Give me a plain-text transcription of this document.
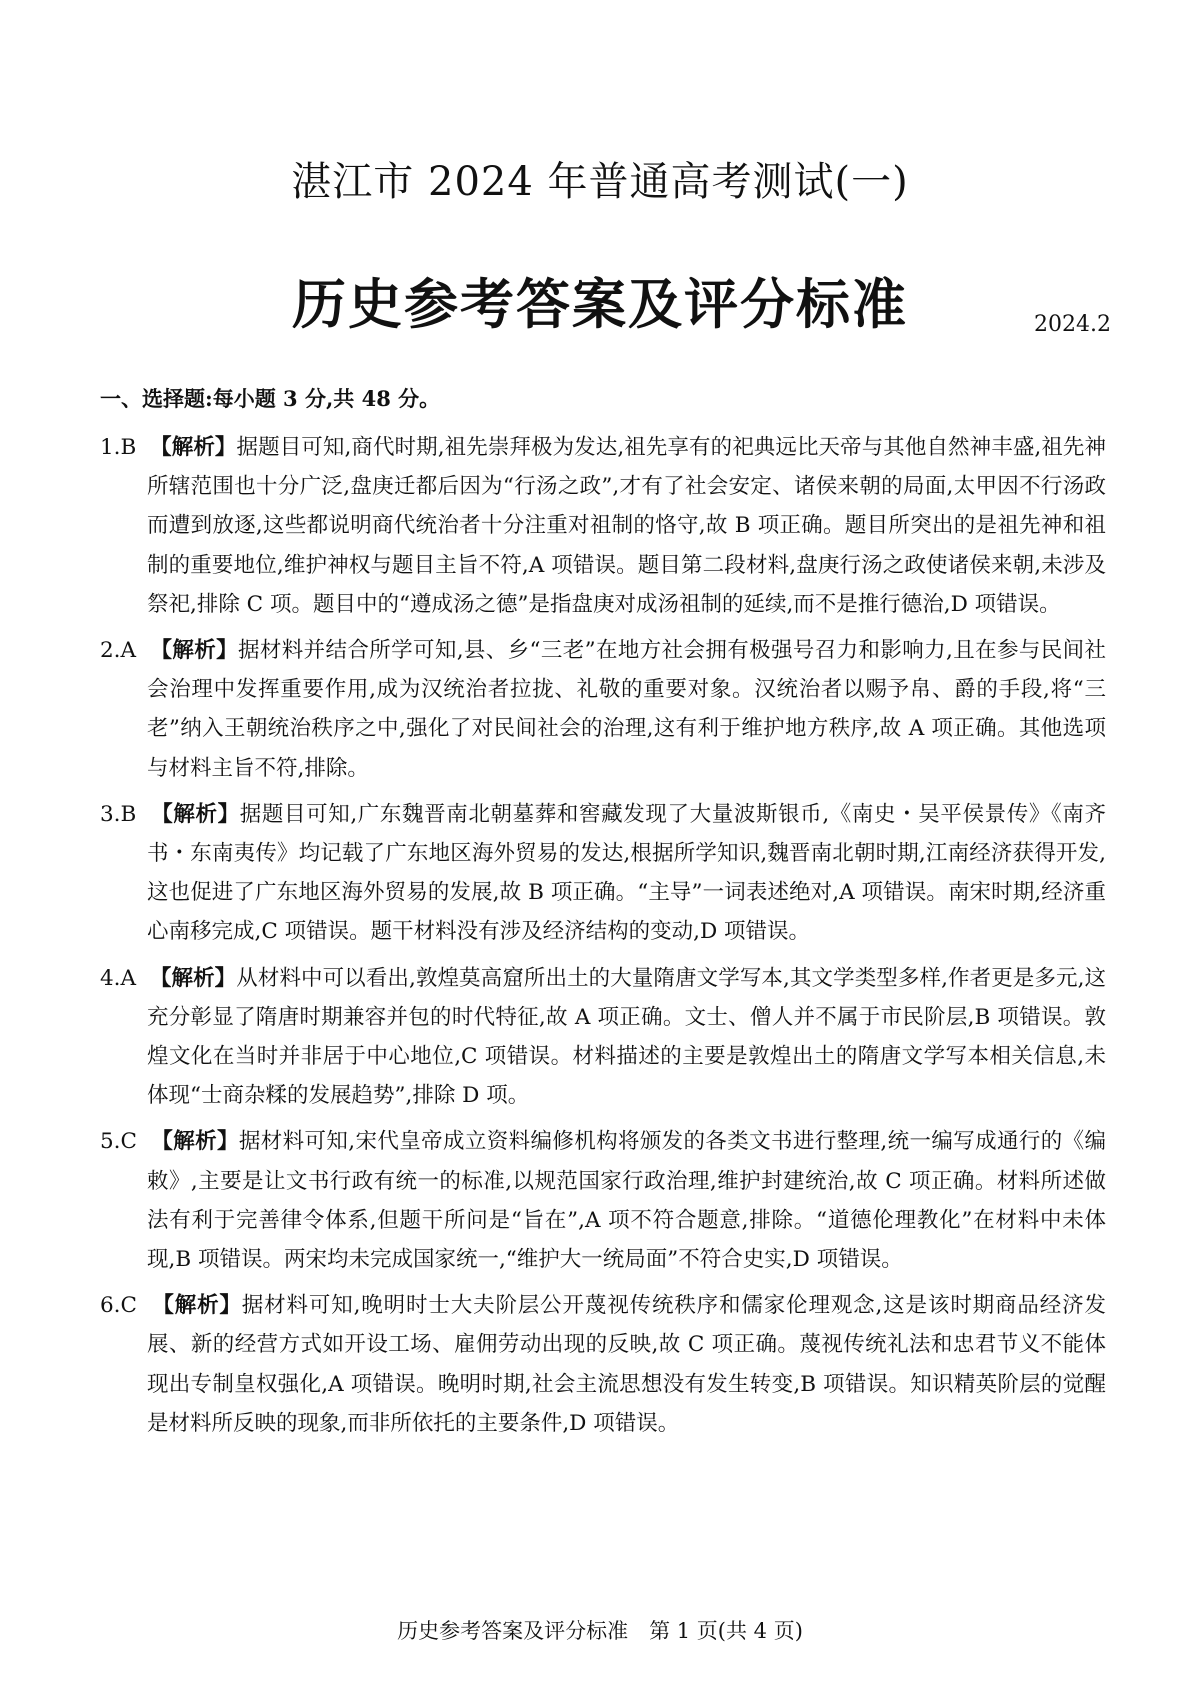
湛江市 2024 年普通高考测试(一)
历史参考答案及评分标准	2024.2
一、选择题:每小题 3 分,共 48 分。

1.B 【解析】据题目可知,商代时期,祖先崇拜极为发达,祖先享有的祀典远比天帝与其他自然神丰盛,祖先神所辖范围也十分广泛,盘庚迁都后因为“行汤之政”,才有了社会安定、诸侯来朝的局面,太甲因不行汤政而遭到放逐,这些都说明商代统治者十分注重对祖制的恪守,故 B 项正确。题目所突出的是祖先神和祖制的重要地位,维护神权与题目主旨不符,A 项错误。题目第二段材料,盘庚行汤之政使诸侯来朝,未涉及祭祀,排除 C 项。题目中的“遵成汤之德”是指盘庚对成汤祖制的延续,而不是推行德治,D 项错误。

2.A 【解析】据材料并结合所学可知,县、乡“三老”在地方社会拥有极强号召力和影响力,且在参与民间社会治理中发挥重要作用,成为汉统治者拉拢、礼敬的重要对象。汉统治者以赐予帛、爵的手段,将“三老”纳入王朝统治秩序之中,强化了对民间社会的治理,这有利于维护地方秩序,故 A 项正确。其他选项与材料主旨不符,排除。

3.B 【解析】据题目可知,广东魏晋南北朝墓葬和窖藏发现了大量波斯银币,《南史・吴平侯景传》《南齐书・东南夷传》均记载了广东地区海外贸易的发达,根据所学知识,魏晋南北朝时期,江南经济获得开发,这也促进了广东地区海外贸易的发展,故 B 项正确。“主导”一词表述绝对,A 项错误。南宋时期,经济重心南移完成,C 项错误。题干材料没有涉及经济结构的变动,D 项错误。

4.A 【解析】从材料中可以看出,敦煌莫高窟所出土的大量隋唐文学写本,其文学类型多样,作者更是多元,这充分彰显了隋唐时期兼容并包的时代特征,故 A 项正确。文士、僧人并不属于市民阶层,B 项错误。敦煌文化在当时并非居于中心地位,C 项错误。材料描述的主要是敦煌出土的隋唐文学写本相关信息,未体现“士商杂糅的发展趋势”,排除 D 项。

5.C 【解析】据材料可知,宋代皇帝成立资料编修机构将颁发的各类文书进行整理,统一编写成通行的《编敕》,主要是让文书行政有统一的标准,以规范国家行政治理,维护封建统治,故 C 项正确。材料所述做法有利于完善律令体系,但题干所问是“旨在”,A 项不符合题意,排除。“道德伦理教化”在材料中未体现,B 项错误。两宋均未完成国家统一,“维护大一统局面”不符合史实,D 项错误。

6.C 【解析】据材料可知,晚明时士大夫阶层公开蔑视传统秩序和儒家伦理观念,这是该时期商品经济发展、新的经营方式如开设工场、雇佣劳动出现的反映,故 C 项正确。蔑视传统礼法和忠君节义不能体现出专制皇权强化,A 项错误。晚明时期,社会主流思想没有发生转变,B 项错误。知识精英阶层的觉醒是材料所反映的现象,而非所依托的主要条件,D 项错误。

历史参考答案及评分标准　第 1 页(共 4 页)
